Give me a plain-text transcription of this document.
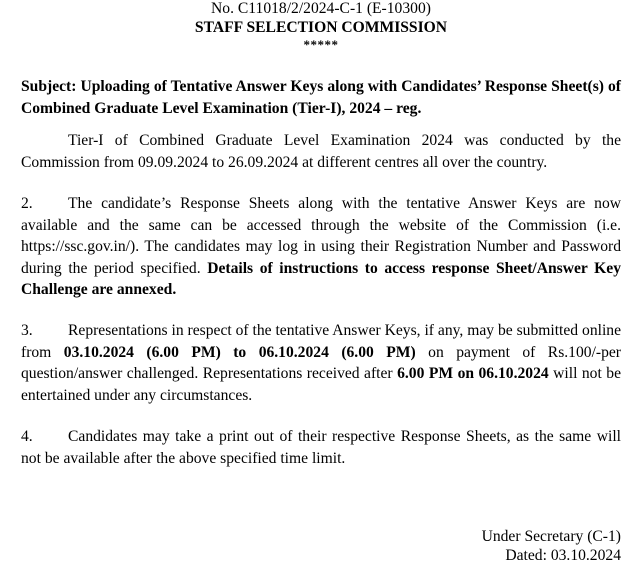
No. C11018/2/2024-C-1 (E-10300)
STAFF SELECTION COMMISSION
*****
Subject: Uploading of Tentative Answer Keys along with Candidates’ Response Sheet(s) of Combined Graduate Level Examination (Tier-I), 2024 – reg.
Tier-I of Combined Graduate Level Examination 2024 was conducted by the Commission from 09.09.2024 to 26.09.2024 at different centres all over the country.
2. The candidate’s Response Sheets along with the tentative Answer Keys are now available and the same can be accessed through the website of the Commission (i.e. https://ssc.gov.in/). The candidates may log in using their Registration Number and Password during the period specified. Details of instructions to access response Sheet/Answer Key Challenge are annexed.
3. Representations in respect of the tentative Answer Keys, if any, may be submitted online from 03.10.2024 (6.00 PM) to 06.10.2024 (6.00 PM) on payment of Rs.100/-per question/answer challenged. Representations received after 6.00 PM on 06.10.2024 will not be entertained under any circumstances.
4. Candidates may take a print out of their respective Response Sheets, as the same will not be available after the above specified time limit.
Under Secretary (C-1)
Dated: 03.10.2024
